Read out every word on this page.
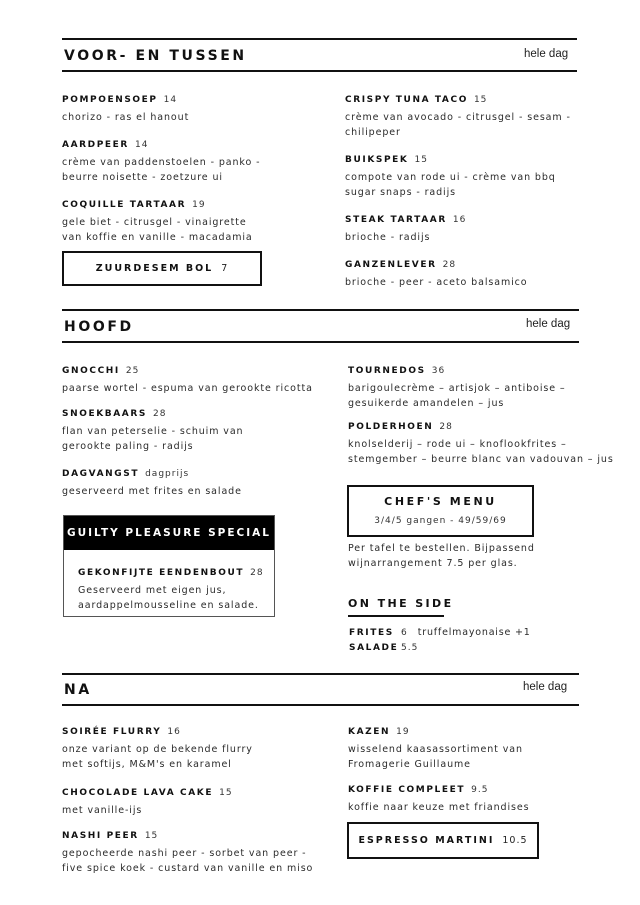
VOOR- EN TUSSEN	hele dag
POMPOENSOEP 14
chorizo - ras el hanout
AARDPEER 14
crème van paddenstoelen - panko -
beurre noisette - zoetzure ui
COQUILLE TARTAAR 19
gele biet - citrusgel - vinaigrette
van koffie en vanille - macadamia
ZUURDESEM BOL 7
CRISPY TUNA TACO 15
crème van avocado - citrusgel - sesam -
chilipeper
BUIKSPEK 15
compote van rode ui - crème van bbq
sugar snaps - radijs
STEAK TARTAAR 16
brioche - radijs
GANZENLEVER 28
brioche - peer - aceto balsamico
HOOFD	hele dag
GNOCCHI 25
paarse wortel - espuma van gerookte ricotta
SNOEKBAARS 28
flan van peterselie - schuim van
gerookte paling - radijs
DAGVANGST dagprijs
geserveerd met frites en salade
GUILTY PLEASURE SPECIAL
GEKONFIJTE EENDENBOUT 28
Geserveerd met eigen jus,
aardappelmousseline en salade.
TOURNEDOS 36
barigoulecrème – artisjok – antiboise –
gesuikerde amandelen – jus
POLDERHOEN 28
knolselderij – rode ui – knoflookfrites –
stemgember – beurre blanc van vadouvan – jus
CHEF'S MENU
3/4/5 gangen - 49/59/69
Per tafel te bestellen. Bijpassend
wijnarrangement 7.5 per glas.
ON THE SIDE
FRITES 6 truffelmayonaise +1
SALADE 5.5
NA	hele dag
SOIRÉE FLURRY 16
onze variant op de bekende flurry
met softijs, M&M's en karamel
CHOCOLADE LAVA CAKE 15
met vanille-ijs
NASHI PEER 15
gepocheerde nashi peer - sorbet van peer -
five spice koek - custard van vanille en miso
KAZEN 19
wisselend kaasassortiment van
Fromagerie Guillaume
KOFFIE COMPLEET 9.5
koffie naar keuze met friandises
ESPRESSO MARTINI 10.5
